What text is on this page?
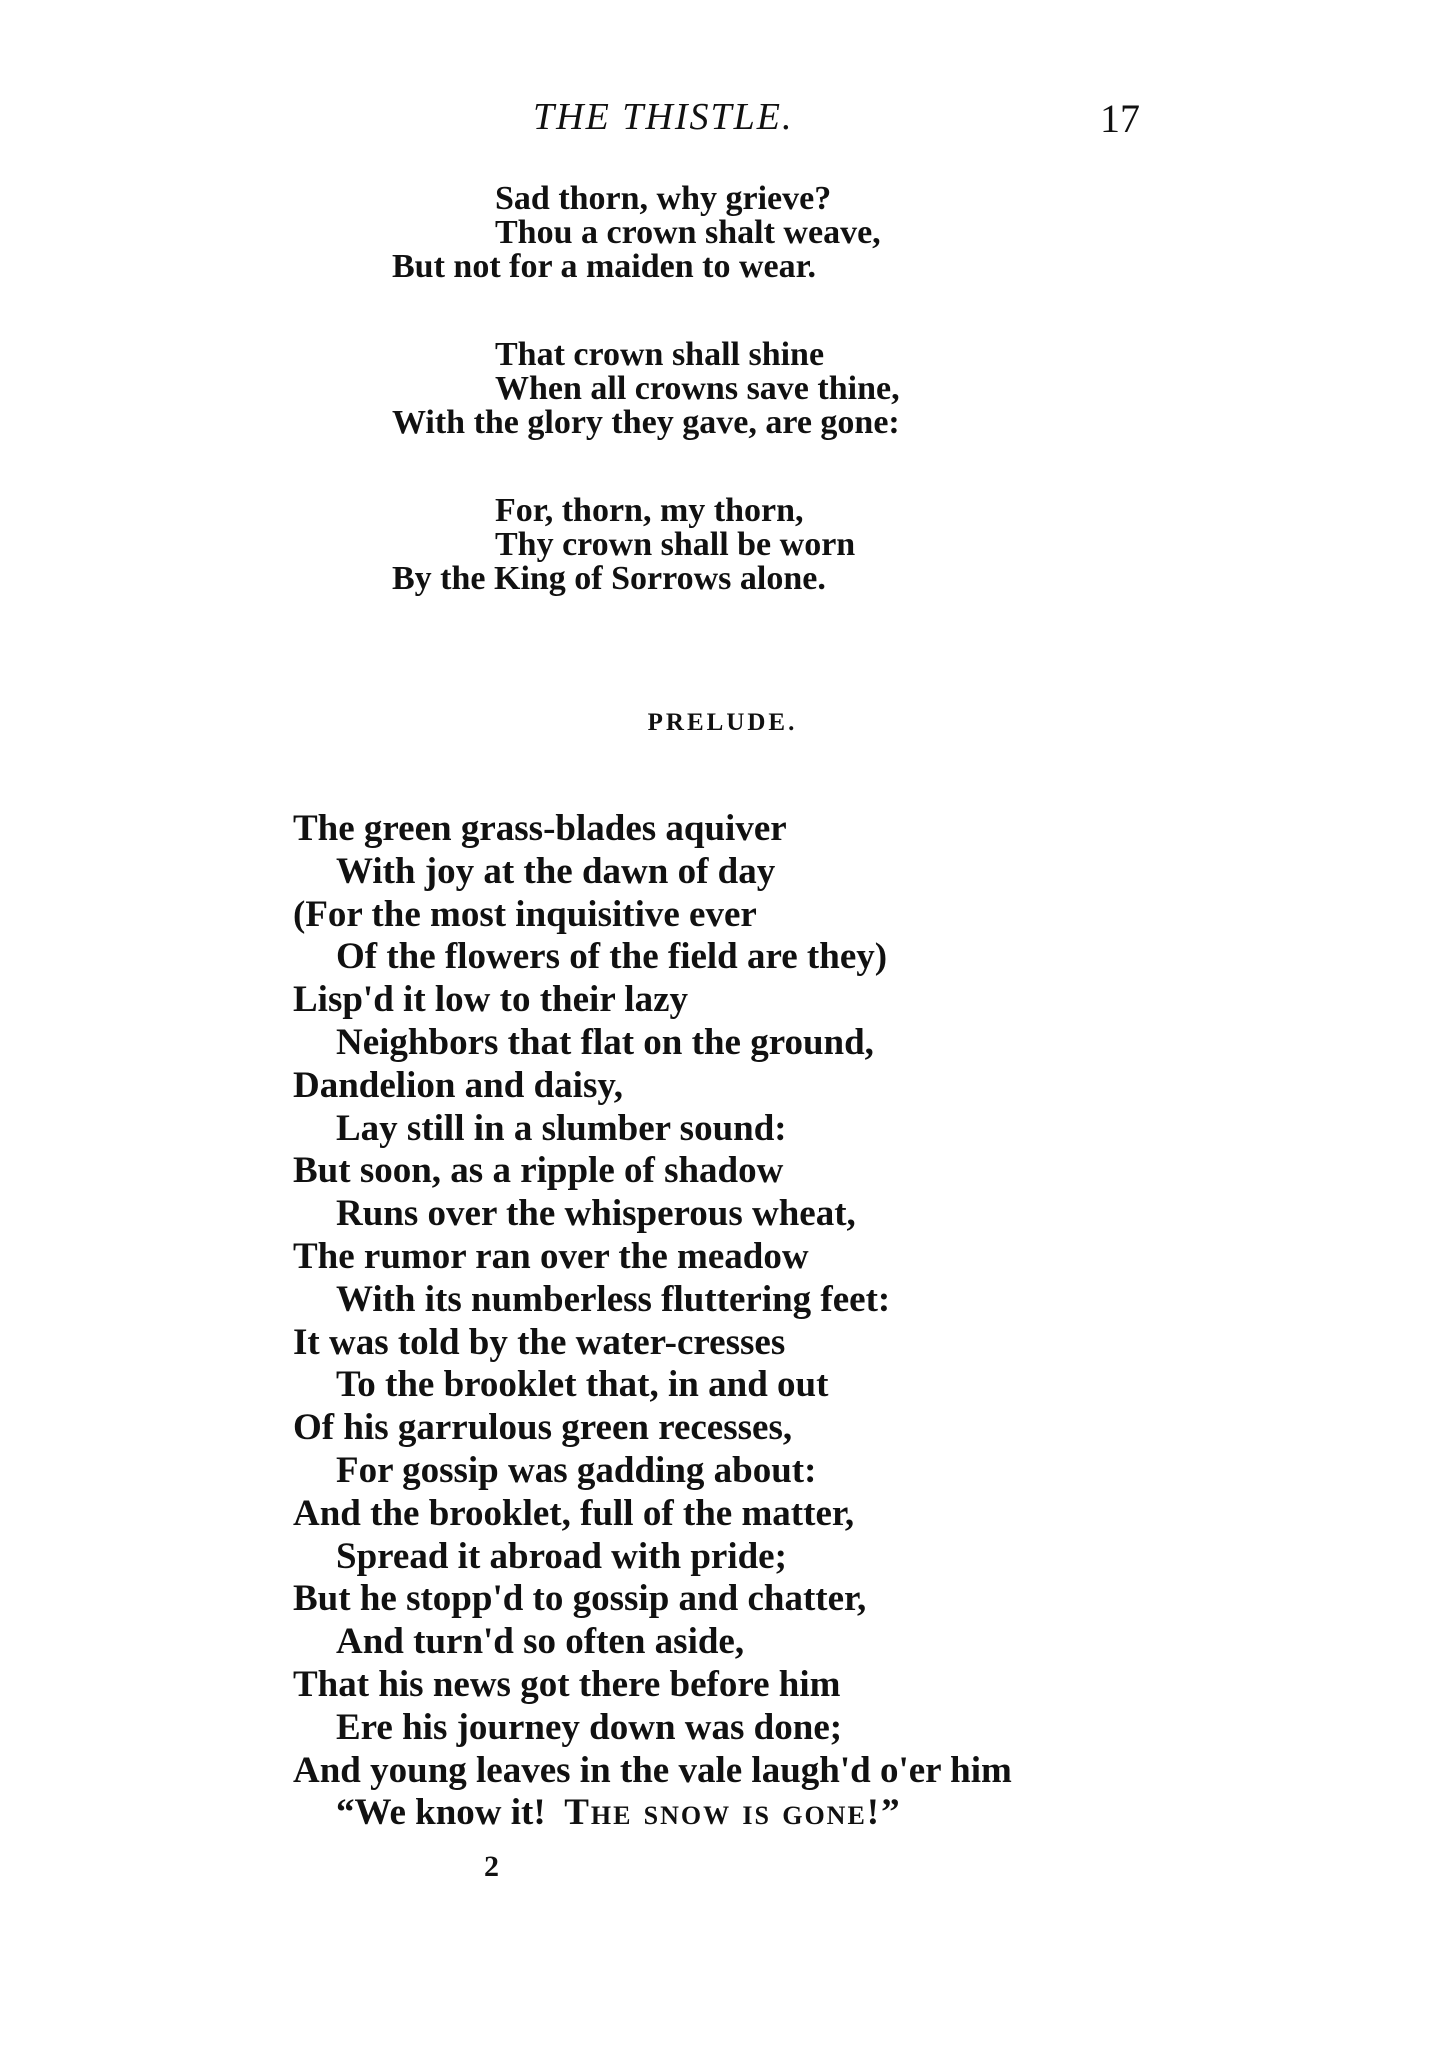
THE THISTLE.	17
Sad thorn, why grieve?
Thou a crown shalt weave,
But not for a maiden to wear.
That crown shall shine
When all crowns save thine,
With the glory they gave, are gone:
For, thorn, my thorn,
Thy crown shall be worn
By the King of Sorrows alone.
PRELUDE.
The green grass-blades aquiver
With joy at the dawn of day
(For the most inquisitive ever
Of the flowers of the field are they)
Lisp'd it low to their lazy
Neighbors that flat on the ground,
Dandelion and daisy,
Lay still in a slumber sound:
But soon, as a ripple of shadow
Runs over the whisperous wheat,
The rumor ran over the meadow
With its numberless fluttering feet:
It was told by the water-cresses
To the brooklet that, in and out
Of his garrulous green recesses,
For gossip was gadding about:
And the brooklet, full of the matter,
Spread it abroad with pride;
But he stopp'd to gossip and chatter,
And turn'd so often aside,
That his news got there before him
Ere his journey down was done;
And young leaves in the vale laugh'd o'er him
“We know it! The snow is gone!”
2
